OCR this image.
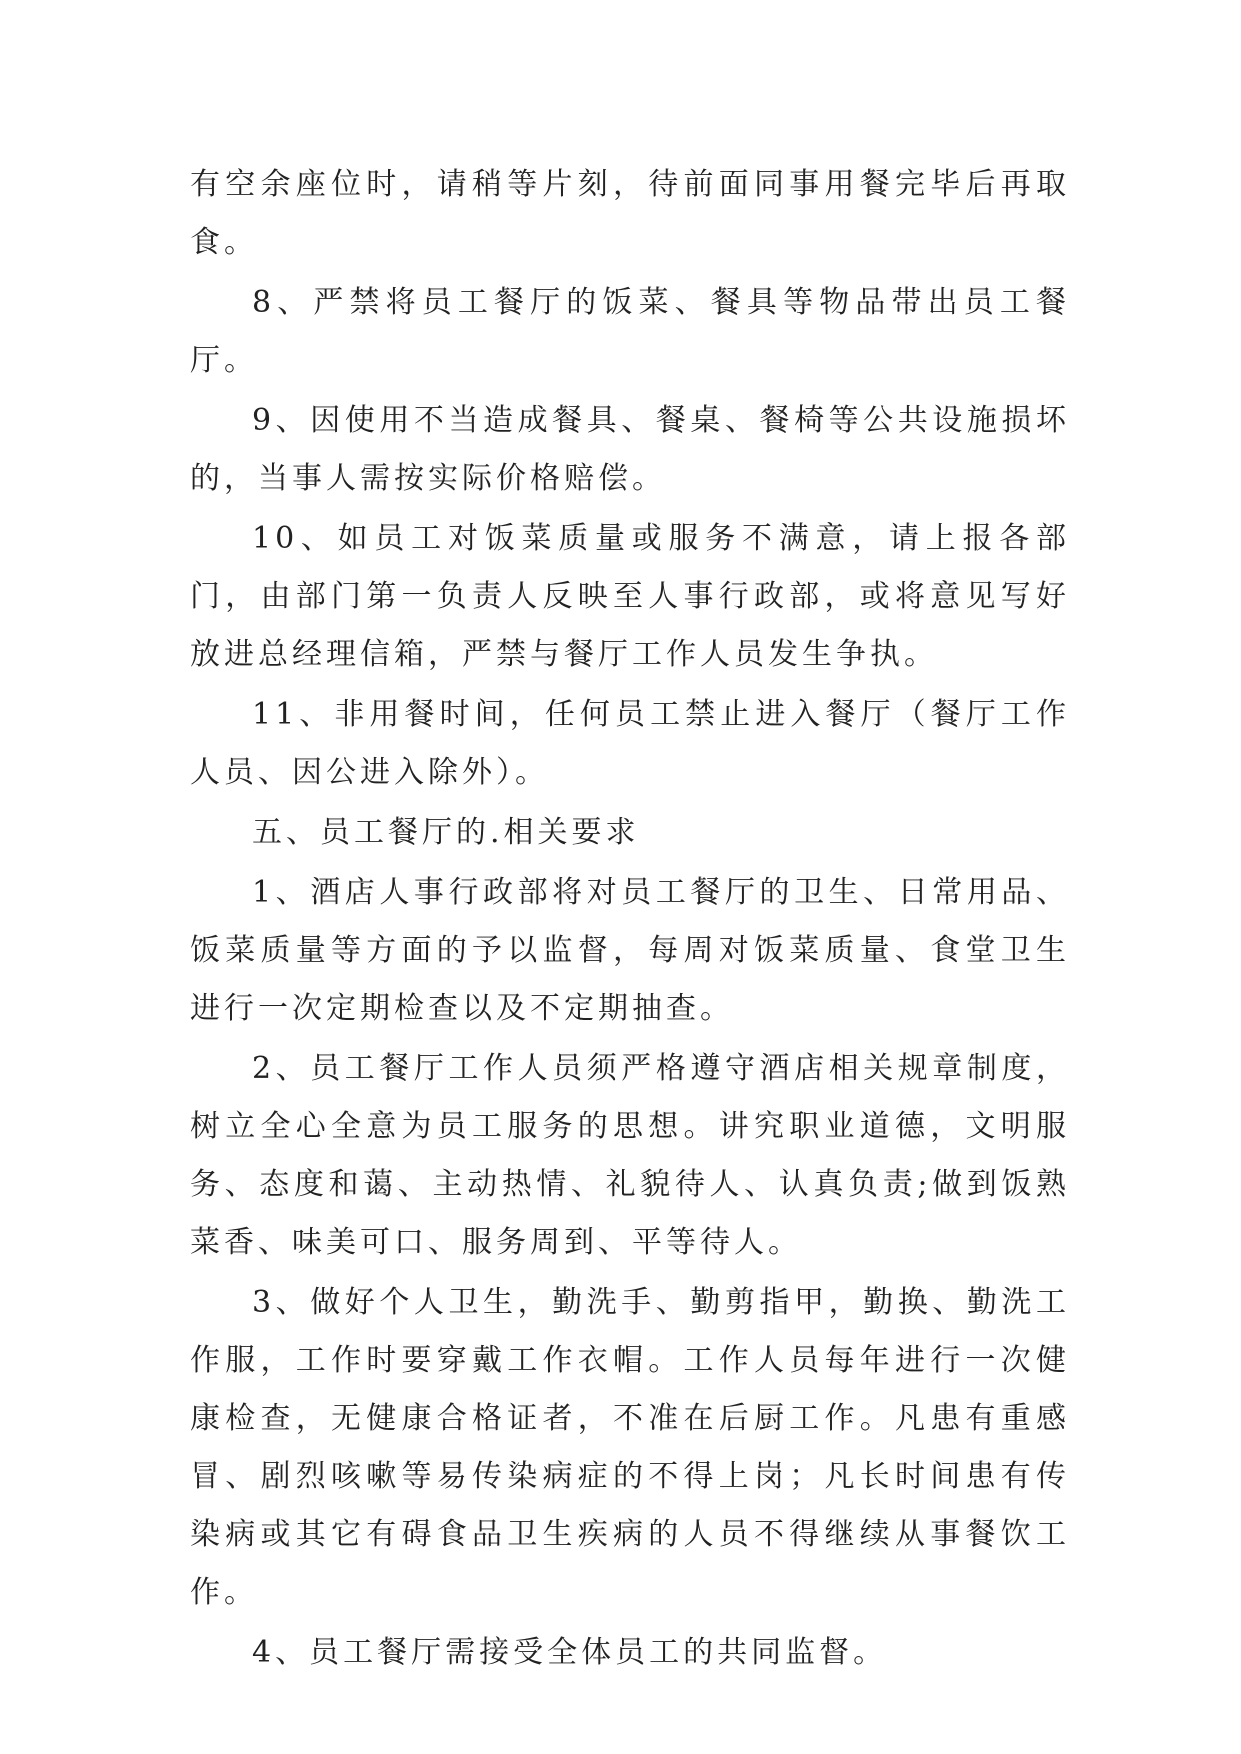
有空余座位时，请稍等片刻，待前面同事用餐完毕后再取食。

8、严禁将员工餐厅的饭菜、餐具等物品带出员工餐厅。

9、因使用不当造成餐具、餐桌、餐椅等公共设施损坏的，当事人需按实际价格赔偿。

10、如员工对饭菜质量或服务不满意，请上报各部门，由部门第一负责人反映至人事行政部，或将意见写好放进总经理信箱，严禁与餐厅工作人员发生争执。

11、非用餐时间，任何员工禁止进入餐厅（餐厅工作人员、因公进入除外）。

五、员工餐厅的.相关要求

1、酒店人事行政部将对员工餐厅的卫生、日常用品、饭菜质量等方面的予以监督，每周对饭菜质量、食堂卫生进行一次定期检查以及不定期抽查。

2、员工餐厅工作人员须严格遵守酒店相关规章制度，树立全心全意为员工服务的思想。讲究职业道德，文明服务、态度和蔼、主动热情、礼貌待人、认真负责;做到饭熟菜香、味美可口、服务周到、平等待人。

3、做好个人卫生，勤洗手、勤剪指甲，勤换、勤洗工作服，工作时要穿戴工作衣帽。工作人员每年进行一次健康检查，无健康合格证者，不准在后厨工作。凡患有重感冒、剧烈咳嗽等易传染病症的不得上岗；凡长时间患有传染病或其它有碍食品卫生疾病的人员不得继续从事餐饮工作。

4、员工餐厅需接受全体员工的共同监督。
